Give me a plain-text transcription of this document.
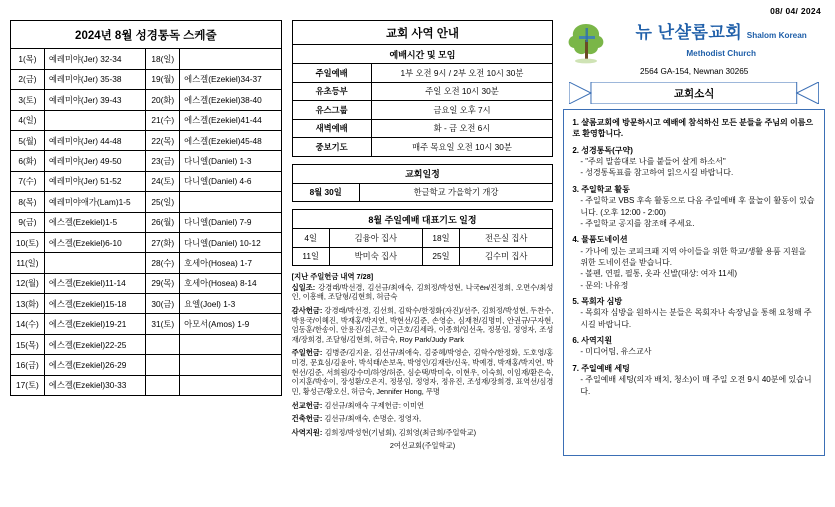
08/ 04/ 2024
2024년 8월 성경통독 스케줄			
1(목)	예레미야(Jer) 32-34	18(일)	
2(금)	예레미야(Jer) 35-38	19(월)	에스겔(Ezekiel)34-37
3(토)	예레미야(Jer) 39-43	20(화)	에스겔(Ezekiel)38-40
4(일)		21(수)	에스겔(Ezekiel)41-44
5(월)	예레미야(Jer) 44-48	22(목)	에스겔(Ezekiel)45-48
6(화)	예레미야(Jer) 49-50	23(금)	다니엘(Daniel) 1-3
7(수)	예레미야(Jer) 51-52	24(토)	다니엘(Daniel) 4-6
8(목)	예레미야애가(Lam)1-5	25(일)	
9(금)	에스겔(Ezekiel)1-5	26(월)	다니엘(Daniel) 7-9
10(토)	에스겔(Ezekiel)6-10	27(화)	다니엘(Daniel) 10-12
11(일)		28(수)	호세아(Hosea) 1-7
12(월)	에스겔(Ezekiel)11-14	29(목)	호세아(Hosea) 8-14
13(화)	에스겔(Ezekiel)15-18	30(금)	요엘(Joel) 1-3
14(수)	에스겔(Ezekiel)19-21	31(토)	아모서(Amos) 1-9
15(목)	에스겔(Ezekiel)22-25		
16(금)	에스겔(Ezekiel)26-29		
17(토)	에스겔(Ezekiel)30-33		
교회 사역 안내
예배시간 및 모임	
주일예배	1부 오전 9시 / 2부 오전 10시 30분
유초등부	주일 오전 10시 30분
유스그룹	금요일 오후 7시
새벽예배	화 - 금 오전 6시
중보기도	매주 목요일 오전 10시 30분
교회일정
8월 30일	한글학교 가을학기 개강
8월 주일예배 대표기도 일정			
4일	김융아 집사	18일	전은실 집사
11일	박미숙 집사	25일	김수미 집사
[지난 주일헌금 내역 7/28]

십일조: 강경래/박선경, 김선규/최애숙, 김희정/박성현, 나국ён/진정희, 오면수/최성인, 이흥배, 조달형/김현희, 허금숙

감사헌금: 강경래/박선경, 김선희, 김학수/한정화(자진)/선주, 김희정/박성현, 두찬수, 박용국/이혜진, 박재홍/박지연, 박현선/김준, 손영순, 심재천/김명미, 안권규/구자현, 엄동훈/한송이, 안용진/김근호, 이근호/김세라, 이종희/임선옥, 정봉임, 정영자, 조성재/장희경, 조달형/김현희, 허금숙, Roy Park/Judy Park

주일헌금: 김병준/김지윤, 김선규/최애숙, 김중혜/박영순, 김학수/한정화, 도호영/홍미경, 문효심/김윤아, 박석태/손보옥, 박영인/김재란/신욱, 박예경, 박재홍/박지연, 박현선/김준, 서희원/강수미/하영/허준, 심순택/박미숙, 이현우, 이숙희, 이임재/환은숙, 이지훈/박송이, 장성환/오은지, 정봉임, 정영자, 정유진, 조성재/장희경, 표역선/심경민, 황성근/황오신, 허금숙, Jennifer Hong, 무명

선교헌금: 김선규/최애숙 구제헌금: 이미연

건축헌금: 김선규/최애숙, 손명순, 정영자,

사역지원: 김희정/박성현(기념회), 김희영(최금희/주일학교)

2여선교회(주일학교)

뉴 난샬롬교회 Shalom Korean Methodist Church
2564 GA-154, Newnan 30265
교회소식
1. 샬롬교회에 방문하시고 예배에 참석하신 모든 분들을 주님의 이름으로 환영합니다.
2. 성경통독(구약)
- "주의 말씀대로 나를 붙들어 살게 하소서"
- 성경통독표를 참고하여 읽으시길 바랍니다.
3. 주일학교 활동
- 주일학교 VBS 후속 활동으로 다음 주일예배 후 물놀이 활동이 있습니다. (오후 12:00 - 2:00)
- 주일학교 공지를 참조해 주세요.
4. 물품도네이션
- 가나에 있는 코피크패 지역 아이들을 위한 학교/생활 용품 지원을 위한 도네이션을 받습니다.
- 볼펜, 연필, 필통, 옷과 신발(대상: 여자 11세)
- 문의: 나유정
5. 목회자 심방
- 목회자 심방을 원하시는 분들은 목회자나 속장님을 통해 요청해 주시길 바랍니다.
6. 사역지원
- 미디어팀, 유스교사
7. 주일예배 세팅
- 주일예배 세팅(의자 배치, 청소)이 매 주일 오전 9시 40분에 있습니다.
